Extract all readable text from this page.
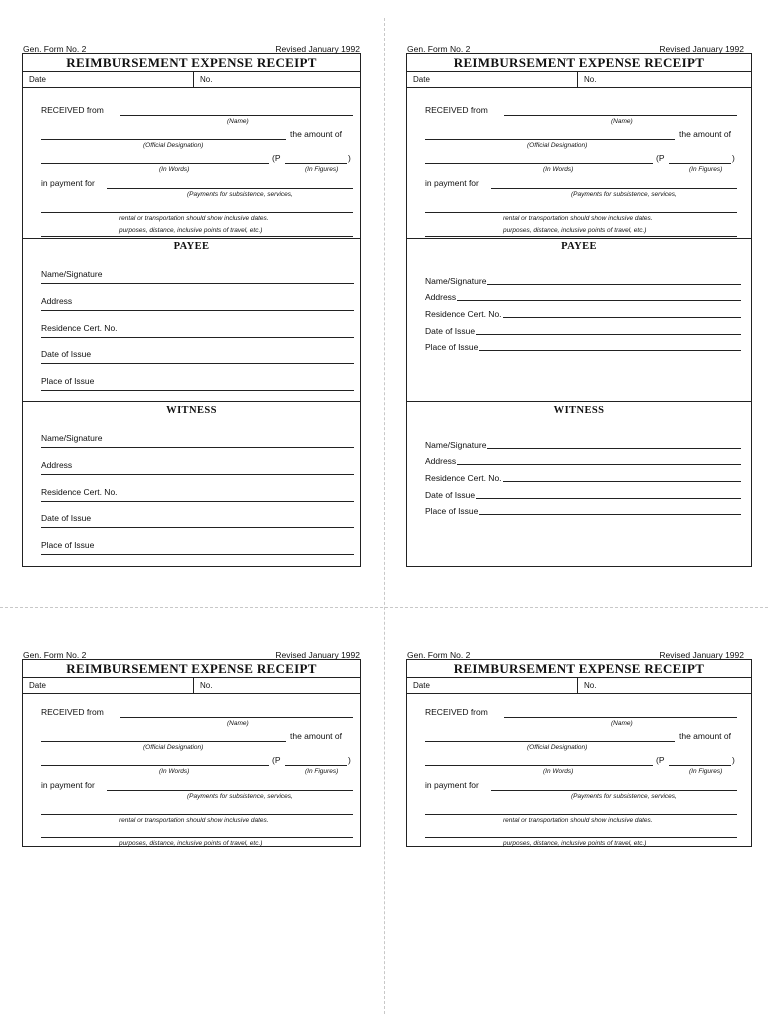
Gen. Form No. 2	Revised January 1992
REIMBURSEMENT EXPENSE RECEIPT
Date	No.
RECEIVED from
(Name)
the amount of
(Official Designation)
(P	)
(In Words)	(In Figures)
in payment for
(Payments for subsistence, services,
rental or transportation should show inclusive dates.
purposes, distance, inclusive points of travel, etc.)
PAYEE
Name/Signature
Address
Residence Cert. No.
Date of Issue
Place of Issue
WITNESS
Name/Signature
Address
Residence Cert. No.
Date of Issue
Place of Issue
Gen. Form No. 2	Revised January 1992
REIMBURSEMENT EXPENSE RECEIPT
Date	No.
RECEIVED from
(Name)
the amount of
(Official Designation)
(P	)
(In Words)	(In Figures)
in payment for
(Payments for subsistence, services,
rental or transportation should show inclusive dates.
purposes, distance, inclusive points of travel, etc.)
PAYEE
Name/Signature
Address
Residence Cert. No.
Date of Issue
Place of Issue
WITNESS
Name/Signature
Address
Residence Cert. No.
Date of Issue
Place of Issue
Gen. Form No. 2	Revised January 1992
REIMBURSEMENT EXPENSE RECEIPT
Date	No.
RECEIVED from
(Name)
the amount of
(Official Designation)
(P	)
(In Words)	(In Figures)
in payment for
(Payments for subsistence, services,
rental or transportation should show inclusive dates.
purposes, distance, inclusive points of travel, etc.)
Gen. Form No. 2	Revised January 1992
REIMBURSEMENT EXPENSE RECEIPT
Date	No.
RECEIVED from
(Name)
the amount of
(Official Designation)
(P	)
(In Words)	(In Figures)
in payment for
(Payments for subsistence, services,
rental or transportation should show inclusive dates.
purposes, distance, inclusive points of travel, etc.)
